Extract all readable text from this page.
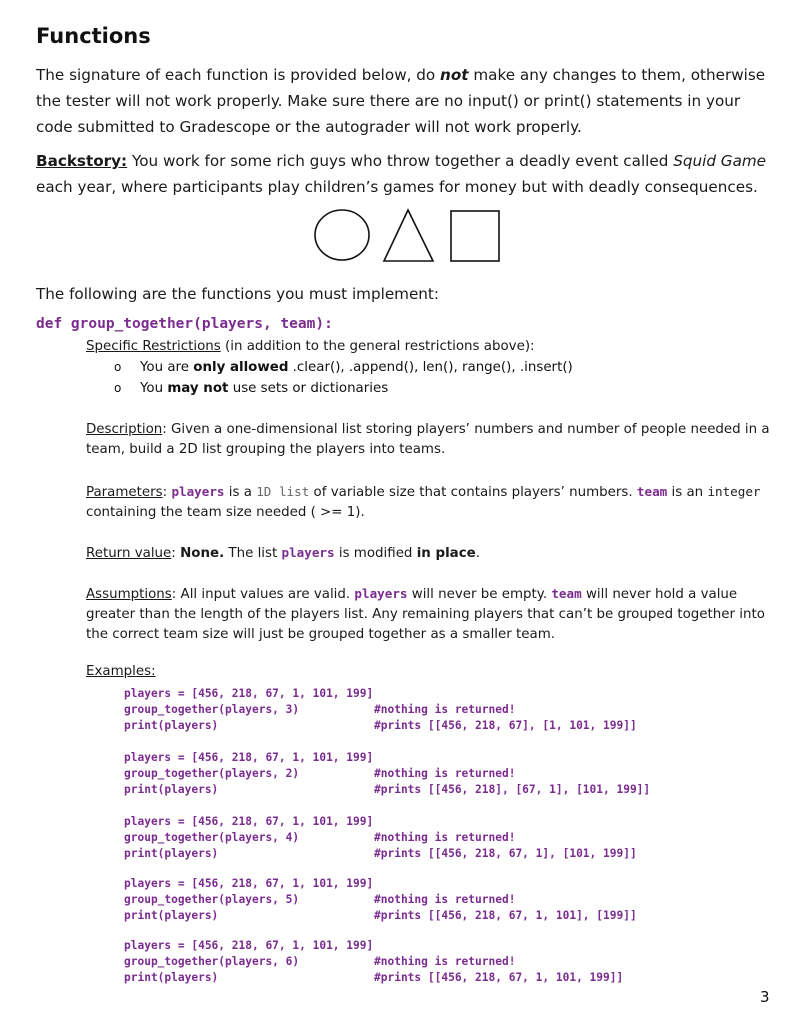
Functions

The signature of each function is provided below, do not make any changes to them, otherwise the tester will not work properly. Make sure there are no input() or print() statements in your code submitted to Gradescope or the autograder will not work properly.

Backstory: You work for some rich guys who throw together a deadly event called Squid Game each year, where participants play children’s games for money but with deadly consequences.

The following are the functions you must implement:

def group_together(players, team):
Specific Restrictions (in addition to the general restrictions above):
o You are only allowed .clear(), .append(), len(), range(), .insert()
o You may not use sets or dictionaries
Description: Given a one-dimensional list storing players’ numbers and number of people needed in a team, build a 2D list grouping the players into teams.
Parameters: players is a 1D list of variable size that contains players’ numbers. team is an integer containing the team size needed ( >= 1).
Return value: None. The list players is modified in place.
Assumptions: All input values are valid. players will never be empty. team will never hold a value greater than the length of the players list. Any remaining players that can’t be grouped together into the correct team size will just be grouped together as a smaller team.
Examples:
players = [456, 218, 67, 1, 101, 199]
group_together(players, 3)	#nothing is returned!
print(players)	#prints [[456, 218, 67], [1, 101, 199]]
players = [456, 218, 67, 1, 101, 199]
group_together(players, 2)	#nothing is returned!
print(players)	#prints [[456, 218], [67, 1], [101, 199]]
players = [456, 218, 67, 1, 101, 199]
group_together(players, 4)	#nothing is returned!
print(players)	#prints [[456, 218, 67, 1], [101, 199]]
players = [456, 218, 67, 1, 101, 199]
group_together(players, 5)	#nothing is returned!
print(players)	#prints [[456, 218, 67, 1, 101], [199]]
players = [456, 218, 67, 1, 101, 199]
group_together(players, 6)	#nothing is returned!
print(players)	#prints [[456, 218, 67, 1, 101, 199]]
3
